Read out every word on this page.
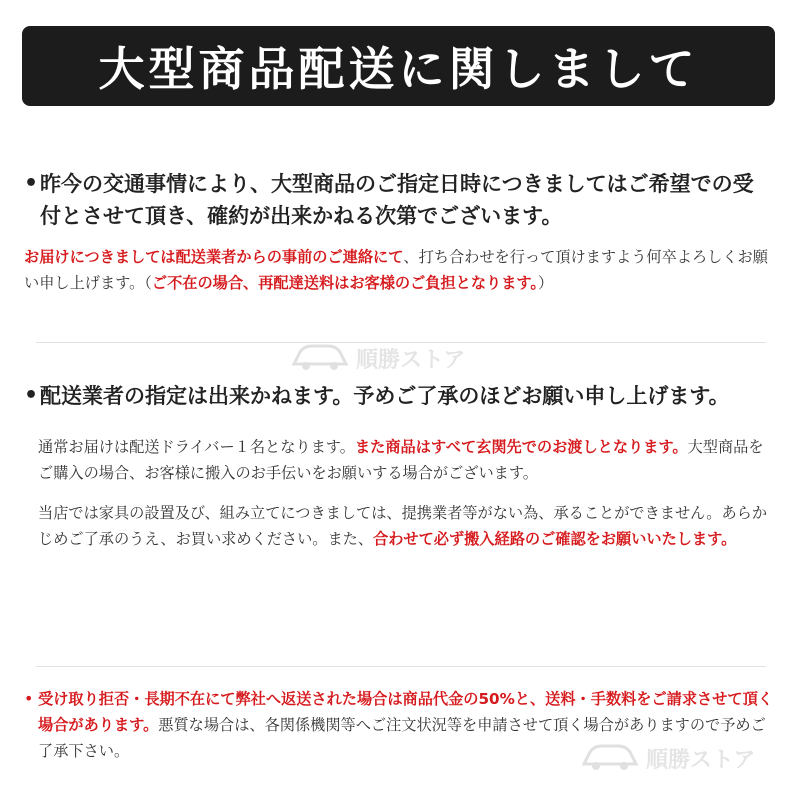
大型商品配送に関しまして
• 昨今の交通事情により、大型商品のご指定日時につきましてはご希望での受付とさせて頂き、確約が出来かねる次第でございます。
お届けにつきましては配送業者からの事前のご連絡にて、打ち合わせを行って頂けますよう何卒よろしくお願い申し上げます。（ご不在の場合、再配達送料はお客様のご負担となります。）
順勝ストア
• 配送業者の指定は出来かねます。予めご了承のほどお願い申し上げます。
通常お届けは配送ドライバー１名となります。また商品はすべて玄関先でのお渡しとなります。大型商品をご購入の場合、お客様に搬入のお手伝いをお願いする場合がございます。
当店では家具の設置及び、組み立てにつきましては、提携業者等がない為、承ることができません。あらかじめご了承のうえ、お買い求めください。また、合わせて必ず搬入経路のご確認をお願いいたします。
• 受け取り拒否・長期不在にて弊社へ返送された場合は商品代金の50%と、送料・手数料をご請求させて頂く場合があります。悪質な場合は、各関係機関等へご注文状況等を申請させて頂く場合がありますので予めご了承下さい。	順勝ストア
